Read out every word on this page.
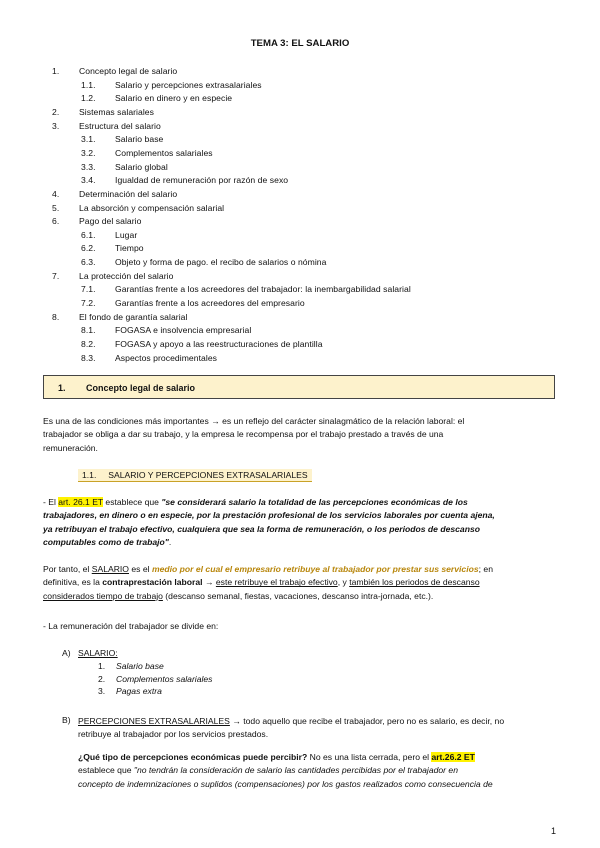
TEMA 3: EL SALARIO
1. Concepto legal de salario
1.1. Salario y percepciones extrasalariales
1.2. Salario en dinero y en especie
2. Sistemas salariales
3. Estructura del salario
3.1. Salario base
3.2. Complementos salariales
3.3. Salario global
3.4. Igualdad de remuneración por razón de sexo
4. Determinación del salario
5. La absorción y compensación salarial
6. Pago del salario
6.1. Lugar
6.2. Tiempo
6.3. Objeto y forma de pago. el recibo de salarios o nómina
7. La protección del salario
7.1. Garantías frente a los acreedores del trabajador: la inembargabilidad salarial
7.2. Garantías frente a los acreedores del empresario
8. El fondo de garantía salarial
8.1. FOGASA e insolvencia empresarial
8.2. FOGASA y apoyo a las reestructuraciones de plantilla
8.3. Aspectos procedimentales
1. Concepto legal de salario
Es una de las condiciones más importantes → es un reflejo del carácter sinalagmático de la relación laboral: el
trabajador se obliga a dar su trabajo, y la empresa le recompensa por el trabajo prestado a través de una
remuneración.
1.1. SALARIO Y PERCEPCIONES EXTRASALARIALES
- El art. 26.1 ET establece que "se considerará salario la totalidad de las percepciones económicas de los
trabajadores, en dinero o en especie, por la prestación profesional de los servicios laborales por cuenta ajena,
ya retribuyan el trabajo efectivo, cualquiera que sea la forma de remuneración, o los periodos de descanso
computables como de trabajo".
Por tanto, el SALARIO es el medio por el cual el empresario retribuye al trabajador por prestar sus servicios; en
definitiva, es la contraprestación laboral → este retribuye el trabajo efectivo, y también los periodos de descanso
considerados tiempo de trabajo (descanso semanal, fiestas, vacaciones, descanso intra-jornada, etc.).
- La remuneración del trabajador se divide en:
A) SALARIO:
1. Salario base
2. Complementos salariales
3. Pagas extra
B) PERCEPCIONES EXTRASALARIALES → todo aquello que recibe el trabajador, pero no es salario, es decir, no
retribuye al trabajador por los servicios prestados.
¿Qué tipo de percepciones económicas puede percibir? No es una lista cerrada, pero el art.26.2 ET
establece que "no tendrán la consideración de salario las cantidades percibidas por el trabajador en
concepto de indemnizaciones o suplidos (compensaciones) por los gastos realizados como consecuencia de
1
